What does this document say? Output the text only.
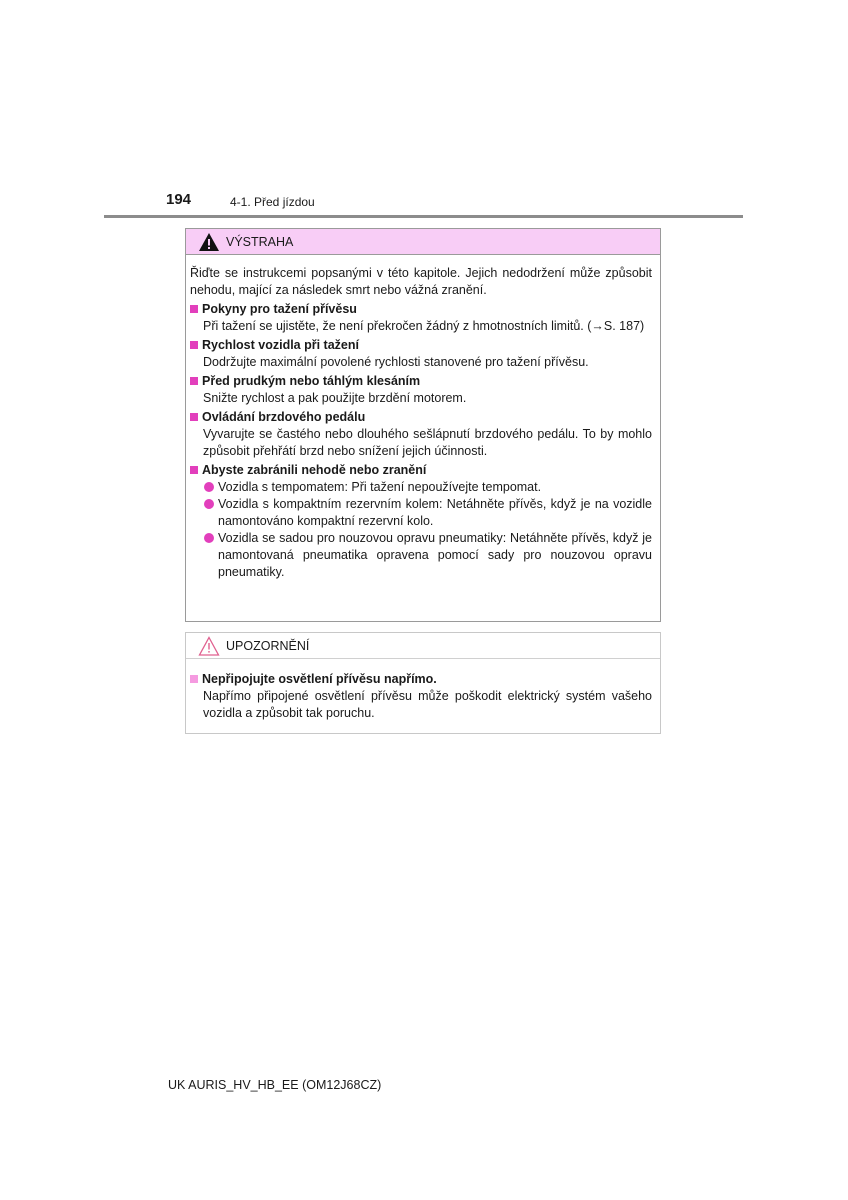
194	4-1. Před jízdou
VÝSTRAHA
Řiďte se instrukcemi popsanými v této kapitole. Jejich nedodržení může způsobit nehodu, mající za následek smrt nebo vážná zranění.
Pokyny pro tažení přívěsu
Při tažení se ujistěte, že není překročen žádný z hmotnostních limitů. (→S. 187)
Rychlost vozidla při tažení
Dodržujte maximální povolené rychlosti stanovené pro tažení přívěsu.
Před prudkým nebo táhlým klesáním
Snižte rychlost a pak použijte brzdění motorem.
Ovládání brzdového pedálu
Vyvarujte se častého nebo dlouhého sešlápnutí brzdového pedálu. To by mohlo způsobit přehřátí brzd nebo snížení jejich účinnosti.
Abyste zabránili nehodě nebo zranění
Vozidla s tempomatem: Při tažení nepoužívejte tempomat.
Vozidla s kompaktním rezervním kolem: Netáhněte přívěs, když je na vozidle namontováno kompaktní rezervní kolo.
Vozidla se sadou pro nouzovou opravu pneumatiky: Netáhněte přívěs, když je namontovaná pneumatika opravena pomocí sady pro nouzovou opravu pneumatiky.
UPOZORNĚNÍ
Nepřipojujte osvětlení přívěsu napřímo.
Napřímo připojené osvětlení přívěsu může poškodit elektrický systém vašeho vozidla a způsobit tak poruchu.
UK AURIS_HV_HB_EE (OM12J68CZ)
